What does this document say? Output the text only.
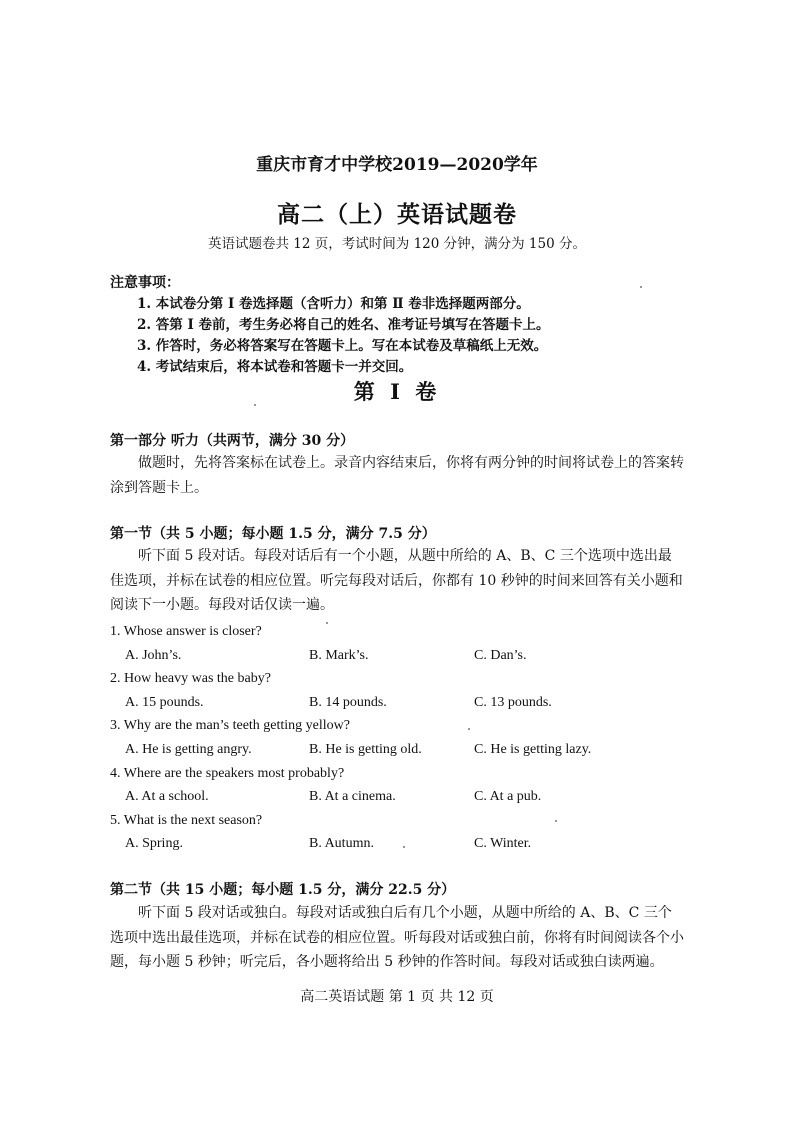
重庆市育才中学校2019—2020学年
高二（上）英语试题卷
英语试题卷共 12 页，考试时间为 120 分钟，满分为 150 分。
注意事项：
1. 本试卷分第 Ⅰ 卷选择题（含听力）和第 Ⅱ 卷非选择题两部分。
2. 答第 Ⅰ 卷前，考生务必将自己的姓名、准考证号填写在答题卡上。
3. 作答时，务必将答案写在答题卡上。写在本试卷及草稿纸上无效。
4. 考试结束后，将本试卷和答题卡一并交回。
第 I 卷
第一部分 听力（共两节，满分 30 分）
做题时，先将答案标在试卷上。录音内容结束后，你将有两分钟的时间将试卷上的答案转涂到答题卡上。
第一节（共 5 小题；每小题 1.5 分，满分 7.5 分）
听下面 5 段对话。每段对话后有一个小题，从题中所给的 A、B、C 三个选项中选出最佳选项，并标在试卷的相应位置。听完每段对话后，你都有 10 秒钟的时间来回答有关小题和阅读下一小题。每段对话仅读一遍。
1. Whose answer is closer?
A. John’s.	B. Mark’s.	C. Dan’s.
2. How heavy was the baby?
A. 15 pounds.	B. 14 pounds.	C. 13 pounds.
3. Why are the man’s teeth getting yellow?
A. He is getting angry.	B. He is getting old.	C. He is getting lazy.
4. Where are the speakers most probably?
A. At a school.	B. At a cinema.	C. At a pub.
5. What is the next season?
A. Spring.	B. Autumn.	C. Winter.
第二节（共 15 小题；每小题 1.5 分，满分 22.5 分）
听下面 5 段对话或独白。每段对话或独白后有几个小题，从题中所给的 A、B、C 三个选项中选出最佳选项，并标在试卷的相应位置。听每段对话或独白前，你将有时间阅读各个小题，每小题 5 秒钟；听完后，各小题将给出 5 秒钟的作答时间。每段对话或独白读两遍。
高二英语试题 第 1 页 共 12 页
